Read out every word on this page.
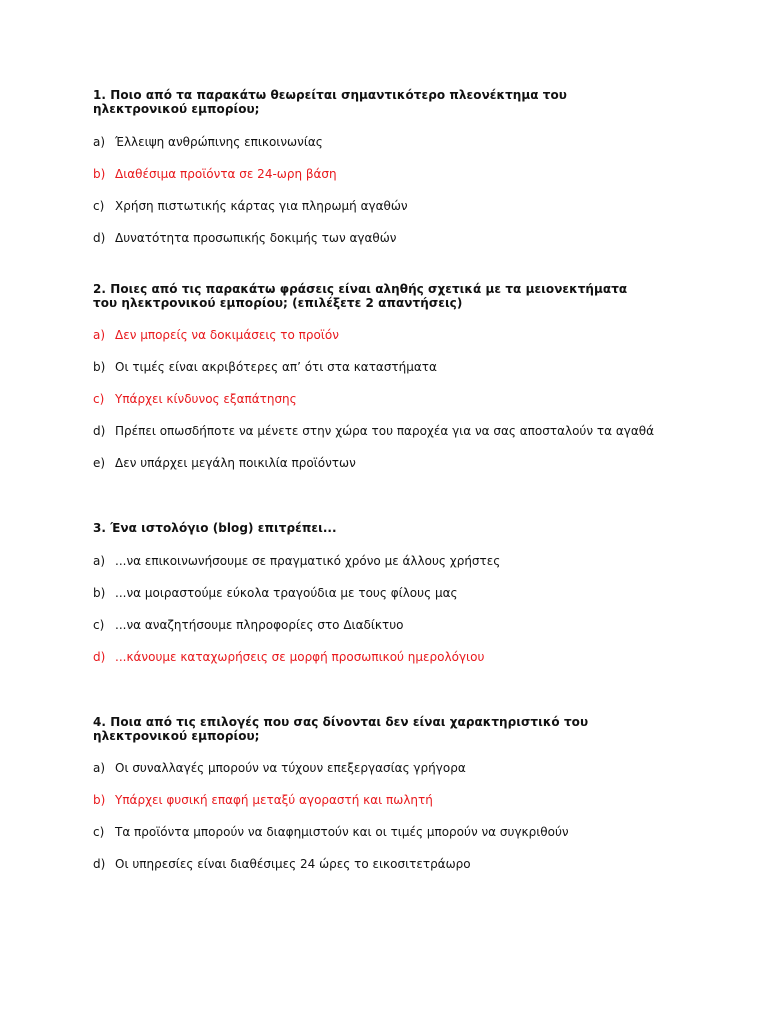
1. Ποιο από τα παρακάτω θεωρείται σημαντικότερο πλεονέκτημα του ηλεκτρονικού εμπορίου;

a) Έλλειψη ανθρώπινης επικοινωνίας
b) Διαθέσιμα προϊόντα σε 24-ωρη βάση
c) Χρήση πιστωτικής κάρτας για πληρωμή αγαθών
d) Δυνατότητα προσωπικής δοκιμής των αγαθών

2. Ποιες από τις παρακάτω φράσεις είναι αληθής σχετικά με τα μειονεκτήματα του ηλεκτρονικού εμπορίου; (επιλέξετε 2 απαντήσεις)

a) Δεν μπορείς να δοκιμάσεις το προϊόν
b) Οι τιμές είναι ακριβότερες απ’ ότι στα καταστήματα
c) Υπάρχει κίνδυνος εξαπάτησης
d) Πρέπει οπωσδήποτε να μένετε στην χώρα του παροχέα για να σας αποσταλούν τα αγαθά
e) Δεν υπάρχει μεγάλη ποικιλία προϊόντων

3. Ένα ιστολόγιο (blog) επιτρέπει...

a) ...να επικοινωνήσουμε σε πραγματικό χρόνο με άλλους χρήστες
b) ...να μοιραστούμε εύκολα τραγούδια με τους φίλους μας
c) ...να αναζητήσουμε πληροφορίες στο Διαδίκτυο
d) ...κάνουμε καταχωρήσεις σε μορφή προσωπικού ημερολόγιου

4. Ποια από τις επιλογές που σας δίνονται δεν είναι χαρακτηριστικό του ηλεκτρονικού εμπορίου;

a) Οι συναλλαγές μπορούν να τύχουν επεξεργασίας γρήγορα
b) Υπάρχει φυσική επαφή μεταξύ αγοραστή και πωλητή
c) Τα προϊόντα μπορούν να διαφημιστούν και οι τιμές μπορούν να συγκριθούν
d) Οι υπηρεσίες είναι διαθέσιμες 24 ώρες το εικοσιτετράωρο
